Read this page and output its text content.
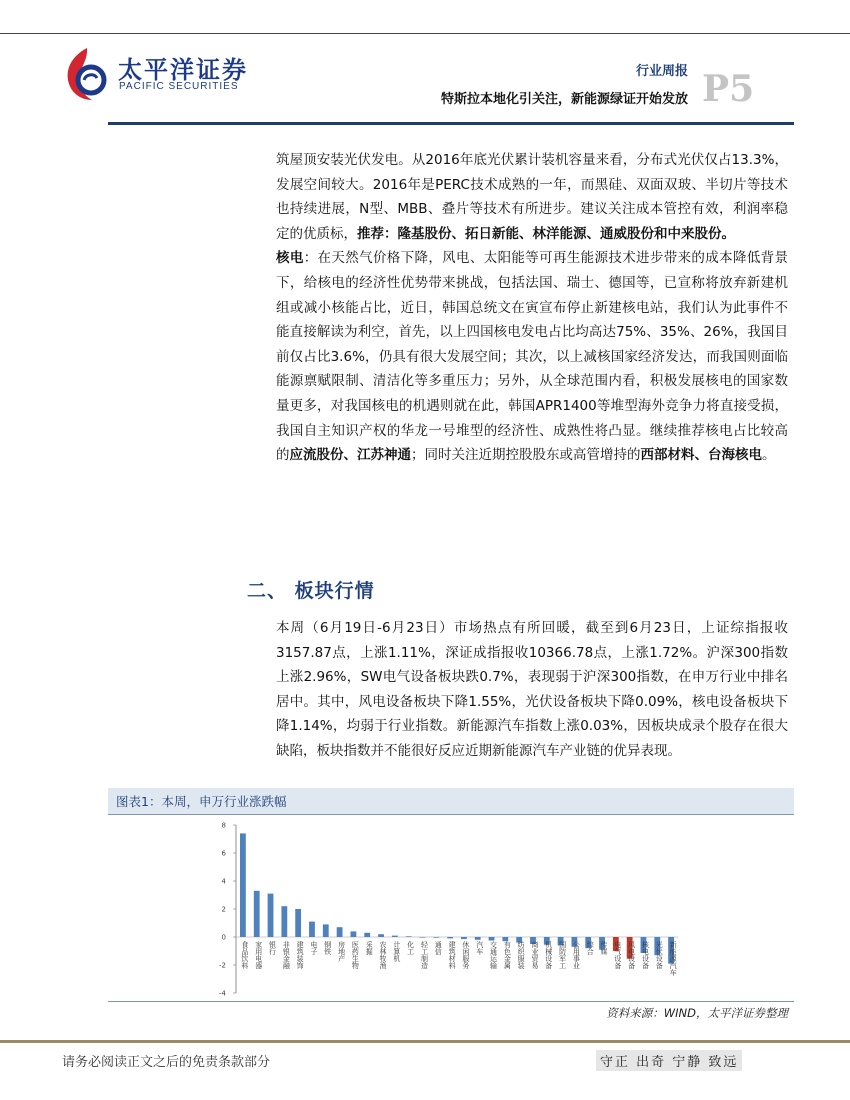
太平洋证券
PACIFIC SECURITIES
行业周报
特斯拉本地化引关注，新能源绿证开始发放 P5
筑屋顶安装光伏发电。从2016年底光伏累计装机容量来看，分布式光伏仅占13.3%，发展空间较大。2016年是PERC技术成熟的一年，而黑硅、双面双玻、半切片等技术也持续进展，N型、MBB、叠片等技术有所进步。建议关注成本管控有效，利润率稳定的优质标，推荐：隆基股份、拓日新能、林洋能源、通威股份和中来股份。
核电：在天然气价格下降，风电、太阳能等可再生能源技术进步带来的成本降低背景下，给核电的经济性优势带来挑战，包括法国、瑞士、德国等，已宣称将放弃新建机组或减小核能占比，近日，韩国总统文在寅宣布停止新建核电站，我们认为此事件不能直接解读为利空，首先，以上四国核电发电占比均高达75%、35%、26%，我国目前仅占比3.6%，仍具有很大发展空间；其次，以上减核国家经济发达，而我国则面临能源禀赋限制、清洁化等多重压力；另外，从全球范围内看，积极发展核电的国家数量更多，对我国核电的机遇则就在此，韩国APR1400等堆型海外竞争力将直接受损，我国自主知识产权的华龙一号堆型的经济性、成熟性将凸显。继续推荐核电占比较高的应流股份、江苏神通；同时关注近期控股股东或高管增持的西部材料、台海核电。
二、 板块行情
本周（6月19日-6月23日）市场热点有所回暖，截至到6月23日，上证综指报收3157.87点，上涨1.11%，深证成指报收10366.78点，上涨1.72%。沪深300指数上涨2.96%，SW电气设备板块跌0.7%，表现弱于沪深300指数，在申万行业中排名居中。其中，风电设备板块下降1.55%，光伏设备板块下降0.09%，核电设备板块下降1.14%，均弱于行业指数。新能源汽车指数上涨0.03%，因板块成录个股存在很大缺陷，板块指数并不能很好反应近期新能源汽车产业链的优异表现。
图表1：本周，申万行业涨跌幅
8
6
4
2
0
-2
-4
食品饮料 家用电器 银行 非银金融 建筑装饰 电子 钢铁 房地产 医药生物 采掘 农林牧渔 计算机 化工 轻工制造 通信 建筑材料 休闲服务 汽车 交通运输 有色金属 纺织服装 商业贸易 机械设备 国防军工 公用事业 综合 传媒 电气设备 风电设备 核电设备 光伏设备 新能源汽车
资料来源：WIND，太平洋证券整理
请务必阅读正文之后的免责条款部分	守正 出奇 宁静 致远
